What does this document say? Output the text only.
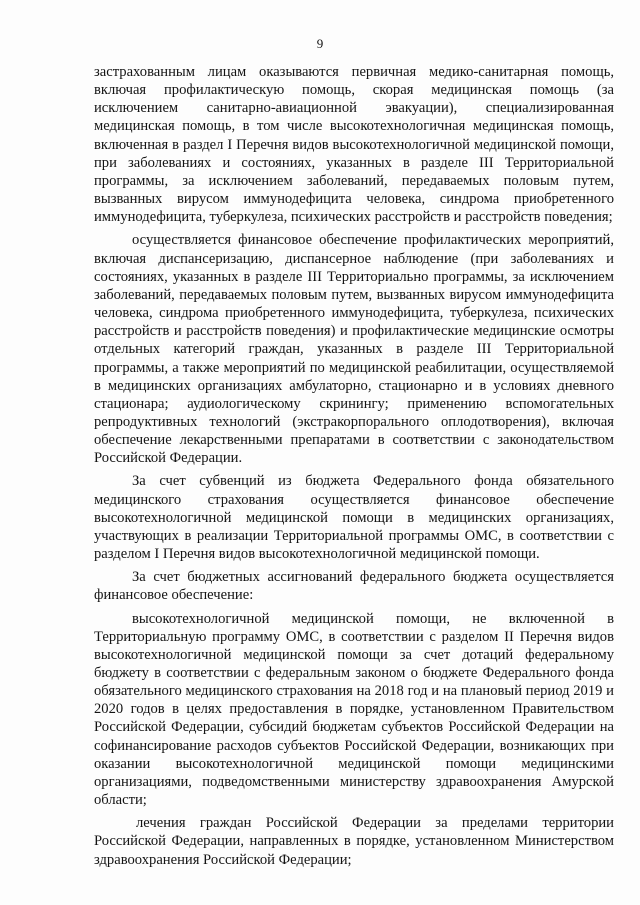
9

застрахованным лицам оказываются первичная медико-санитарная помощь, включая профилактическую помощь, скорая медицинская помощь (за исключением санитарно-авиационной эвакуации), специализированная медицинская помощь, в том числе высокотехнологичная медицинская помощь, включенная в раздел I Перечня видов высокотехнологичной медицинской помощи, при заболеваниях и состояниях, указанных в разделе III Территориальной программы, за исключением заболеваний, передаваемых половым путем, вызванных вирусом иммунодефицита человека, синдрома приобретенного иммунодефицита, туберкулеза, психических расстройств и расстройств поведения;

осуществляется финансовое обеспечение профилактических мероприятий, включая диспансеризацию, диспансерное наблюдение (при заболеваниях и состояниях, указанных в разделе III Территориально программы, за исключением заболеваний, передаваемых половым путем, вызванных вирусом иммунодефицита человека, синдрома приобретенного иммунодефицита, туберкулеза, психических расстройств и расстройств поведения) и профилактические медицинские осмотры отдельных категорий граждан, указанных в разделе III Территориальной программы, а также мероприятий по медицинской реабилитации, осуществляемой в медицинских организациях амбулаторно, стационарно и в условиях дневного стационара; аудиологическому скринингу; применению вспомогательных репродуктивных технологий (экстракорпорального оплодотворения), включая обеспечение лекарственными препаратами в соответствии с законодательством Российской Федерации.

За счет субвенций из бюджета Федерального фонда обязательного медицинского страхования осуществляется финансовое обеспечение высокотехнологичной медицинской помощи в медицинских организациях, участвующих в реализации Территориальной программы ОМС, в соответствии с разделом I Перечня видов высокотехнологичной медицинской помощи.

За счет бюджетных ассигнований федерального бюджета осуществляется финансовое обеспечение:

высокотехнологичной медицинской помощи, не включенной в Территориальную программу ОМС, в соответствии с разделом II Перечня видов высокотехнологичной медицинской помощи за счет дотаций федеральному бюджету в соответствии с федеральным законом о бюджете Федерального фонда обязательного медицинского страхования на 2018 год и на плановый период 2019 и 2020 годов в целях предоставления в порядке, установленном Правительством Российской Федерации, субсидий бюджетам субъектов Российской Федерации на софинансирование расходов субъектов Российской Федерации, возникающих при оказании высокотехнологичной медицинской помощи медицинскими организациями, подведомственными министерству здравоохранения Амурской области;

лечения граждан Российской Федерации за пределами территории Российской Федерации, направленных в порядке, установленном Министерством здравоохранения Российской Федерации;
